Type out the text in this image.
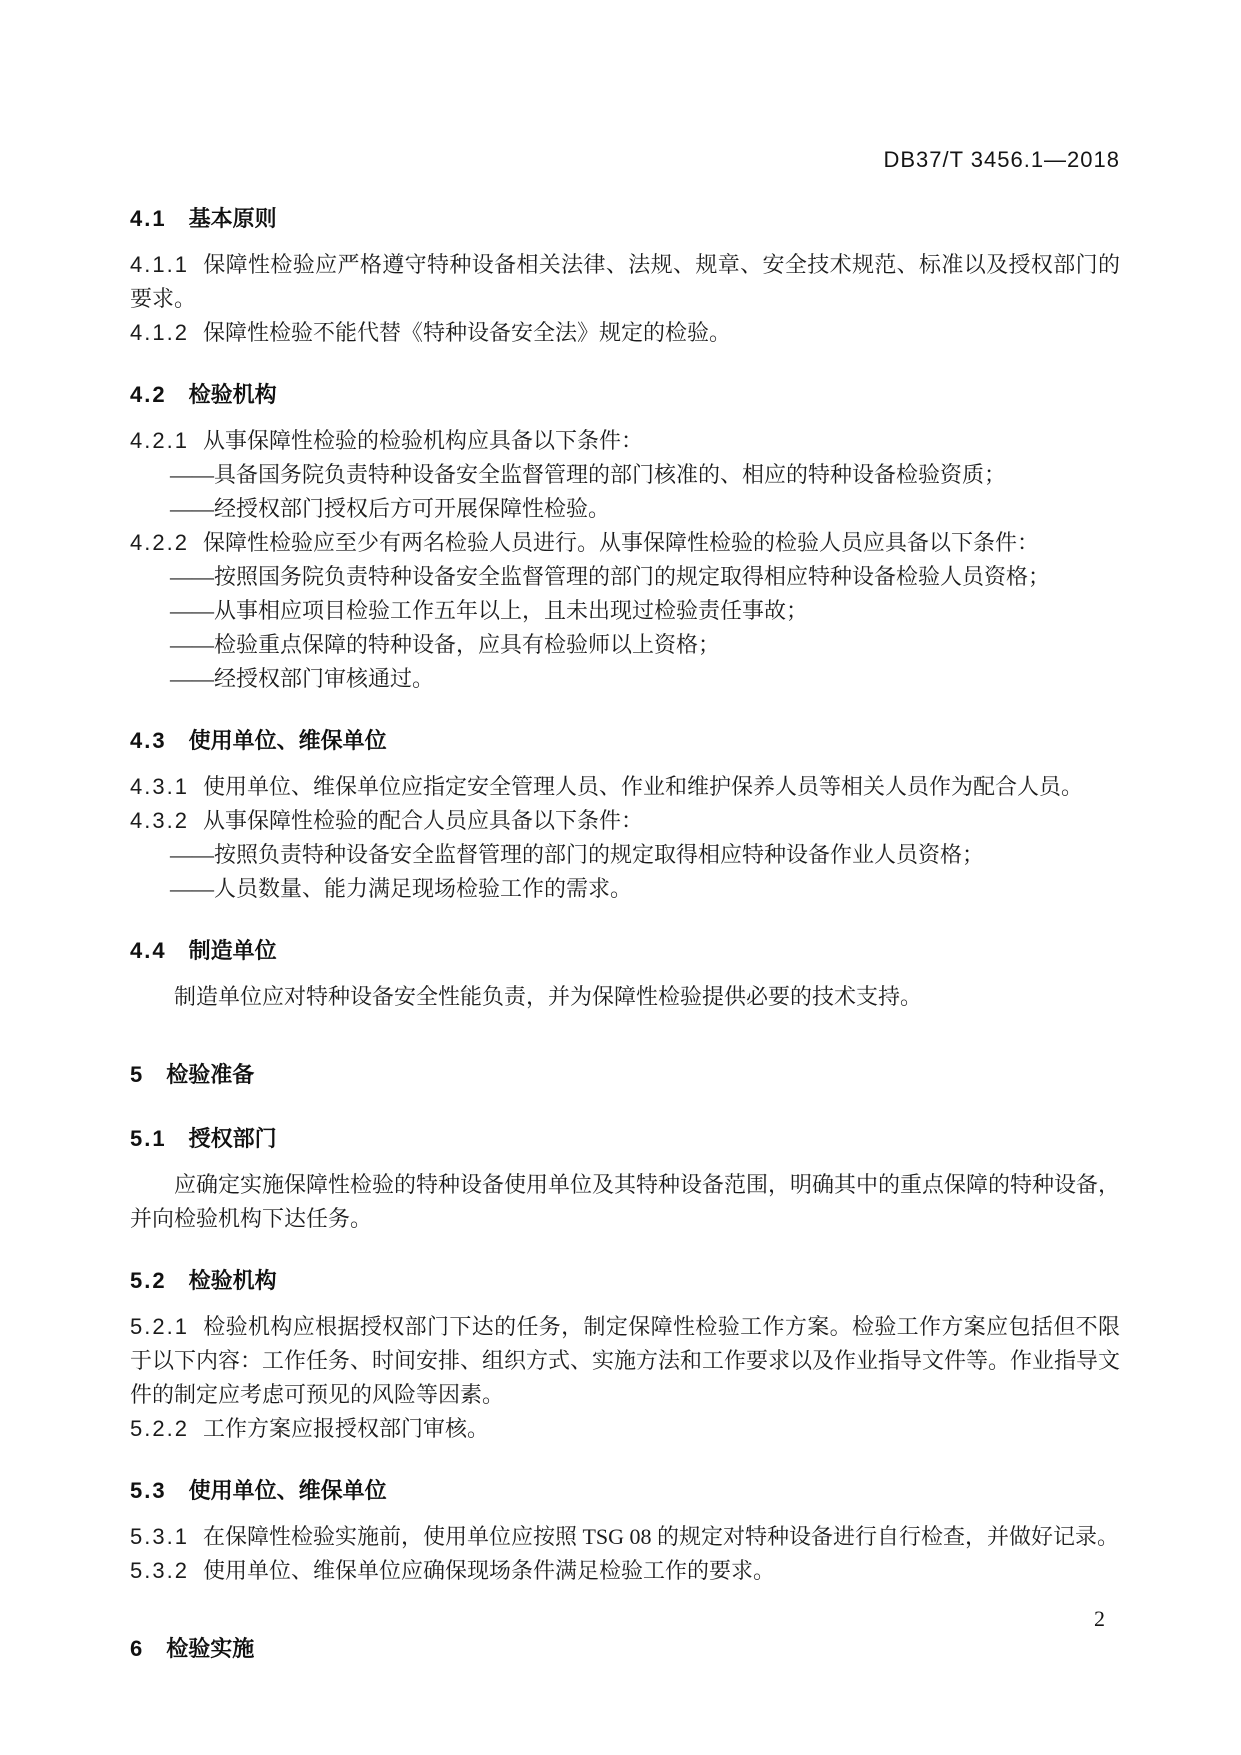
DB37/T 3456.1—2018
4.1 基本原则

4.1.1 保障性检验应严格遵守特种设备相关法律、法规、规章、安全技术规范、标准以及授权部门的要求。

4.1.2 保障性检验不能代替《特种设备安全法》规定的检验。

4.2 检验机构

4.2.1 从事保障性检验的检验机构应具备以下条件：

——具备国务院负责特种设备安全监督管理的部门核准的、相应的特种设备检验资质；

——经授权部门授权后方可开展保障性检验。

4.2.2 保障性检验应至少有两名检验人员进行。从事保障性检验的检验人员应具备以下条件：

——按照国务院负责特种设备安全监督管理的部门的规定取得相应特种设备检验人员资格；

——从事相应项目检验工作五年以上，且未出现过检验责任事故；

——检验重点保障的特种设备，应具有检验师以上资格；

——经授权部门审核通过。

4.3 使用单位、维保单位

4.3.1 使用单位、维保单位应指定安全管理人员、作业和维护保养人员等相关人员作为配合人员。

4.3.2 从事保障性检验的配合人员应具备以下条件：

——按照负责特种设备安全监督管理的部门的规定取得相应特种设备作业人员资格；

——人员数量、能力满足现场检验工作的需求。

4.4 制造单位

制造单位应对特种设备安全性能负责，并为保障性检验提供必要的技术支持。

5 检验准备
5.1 授权部门

应确定实施保障性检验的特种设备使用单位及其特种设备范围，明确其中的重点保障的特种设备，并向检验机构下达任务。

5.2 检验机构

5.2.1 检验机构应根据授权部门下达的任务，制定保障性检验工作方案。检验工作方案应包括但不限于以下内容：工作任务、时间安排、组织方式、实施方法和工作要求以及作业指导文件等。作业指导文件的制定应考虑可预见的风险等因素。

5.2.2 工作方案应报授权部门审核。

5.3 使用单位、维保单位

5.3.1 在保障性检验实施前，使用单位应按照 TSG 08 的规定对特种设备进行自行检查，并做好记录。

5.3.2 使用单位、维保单位应确保现场条件满足检验工作的要求。

6 检验实施
2
